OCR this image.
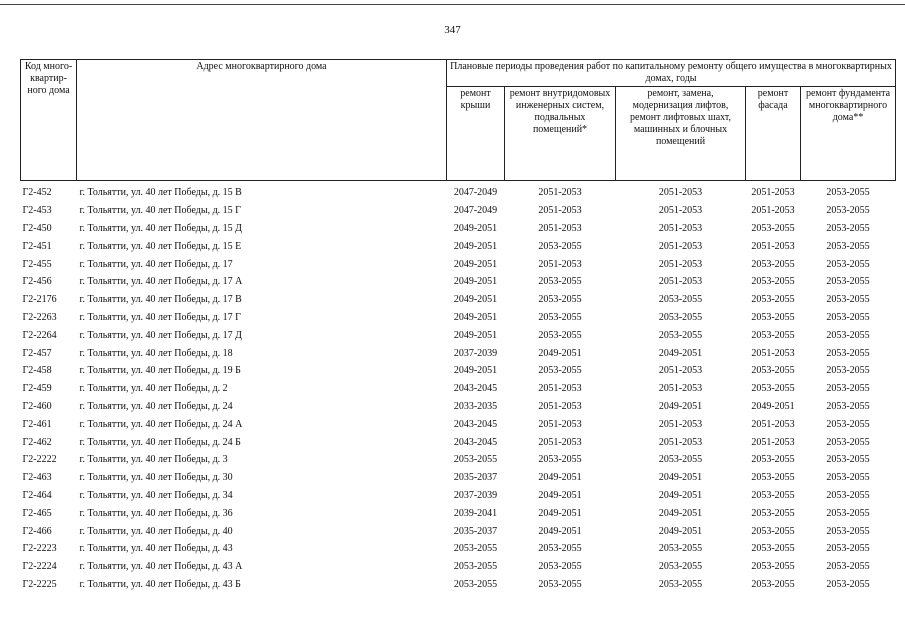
347
Код много-квартир-ного дома	Адрес многоквартирного дома	Плановые периоды проведения работ по капитальному ремонту общего имущества в многоквартирных домах, годы				
		ремонт крыши	ремонт внутридомовых инженерных систем, подвальных помещений*	ремонт, замена, модернизация лифтов, ремонт лифтовых шахт, машинных и блочных помещений	ремонт фасада	ремонт фундамента многоквартирного дома**
Г2-452	г. Тольятти, ул. 40 лет Победы, д. 15 В	2047-2049	2051-2053	2051-2053	2051-2053	2053-2055
Г2-453	г. Тольятти, ул. 40 лет Победы, д. 15 Г	2047-2049	2051-2053	2051-2053	2051-2053	2053-2055
Г2-450	г. Тольятти, ул. 40 лет Победы, д. 15 Д	2049-2051	2051-2053	2051-2053	2053-2055	2053-2055
Г2-451	г. Тольятти, ул. 40 лет Победы, д. 15 Е	2049-2051	2053-2055	2051-2053	2051-2053	2053-2055
Г2-455	г. Тольятти, ул. 40 лет Победы, д. 17	2049-2051	2051-2053	2051-2053	2053-2055	2053-2055
Г2-456	г. Тольятти, ул. 40 лет Победы, д. 17 А	2049-2051	2053-2055	2051-2053	2053-2055	2053-2055
Г2-2176	г. Тольятти, ул. 40 лет Победы, д. 17 В	2049-2051	2053-2055	2053-2055	2053-2055	2053-2055
Г2-2263	г. Тольятти, ул. 40 лет Победы, д. 17 Г	2049-2051	2053-2055	2053-2055	2053-2055	2053-2055
Г2-2264	г. Тольятти, ул. 40 лет Победы, д. 17 Д	2049-2051	2053-2055	2053-2055	2053-2055	2053-2055
Г2-457	г. Тольятти, ул. 40 лет Победы, д. 18	2037-2039	2049-2051	2049-2051	2051-2053	2053-2055
Г2-458	г. Тольятти, ул. 40 лет Победы, д. 19 Б	2049-2051	2053-2055	2051-2053	2053-2055	2053-2055
Г2-459	г. Тольятти, ул. 40 лет Победы, д. 2	2043-2045	2051-2053	2051-2053	2053-2055	2053-2055
Г2-460	г. Тольятти, ул. 40 лет Победы, д. 24	2033-2035	2051-2053	2049-2051	2049-2051	2053-2055
Г2-461	г. Тольятти, ул. 40 лет Победы, д. 24 А	2043-2045	2051-2053	2051-2053	2051-2053	2053-2055
Г2-462	г. Тольятти, ул. 40 лет Победы, д. 24 Б	2043-2045	2051-2053	2051-2053	2051-2053	2053-2055
Г2-2222	г. Тольятти, ул. 40 лет Победы, д. 3	2053-2055	2053-2055	2053-2055	2053-2055	2053-2055
Г2-463	г. Тольятти, ул. 40 лет Победы, д. 30	2035-2037	2049-2051	2049-2051	2053-2055	2053-2055
Г2-464	г. Тольятти, ул. 40 лет Победы, д. 34	2037-2039	2049-2051	2049-2051	2053-2055	2053-2055
Г2-465	г. Тольятти, ул. 40 лет Победы, д. 36	2039-2041	2049-2051	2049-2051	2053-2055	2053-2055
Г2-466	г. Тольятти, ул. 40 лет Победы, д. 40	2035-2037	2049-2051	2049-2051	2053-2055	2053-2055
Г2-2223	г. Тольятти, ул. 40 лет Победы, д. 43	2053-2055	2053-2055	2053-2055	2053-2055	2053-2055
Г2-2224	г. Тольятти, ул. 40 лет Победы, д. 43 А	2053-2055	2053-2055	2053-2055	2053-2055	2053-2055
Г2-2225	г. Тольятти, ул. 40 лет Победы, д. 43 Б	2053-2055	2053-2055	2053-2055	2053-2055	2053-2055
